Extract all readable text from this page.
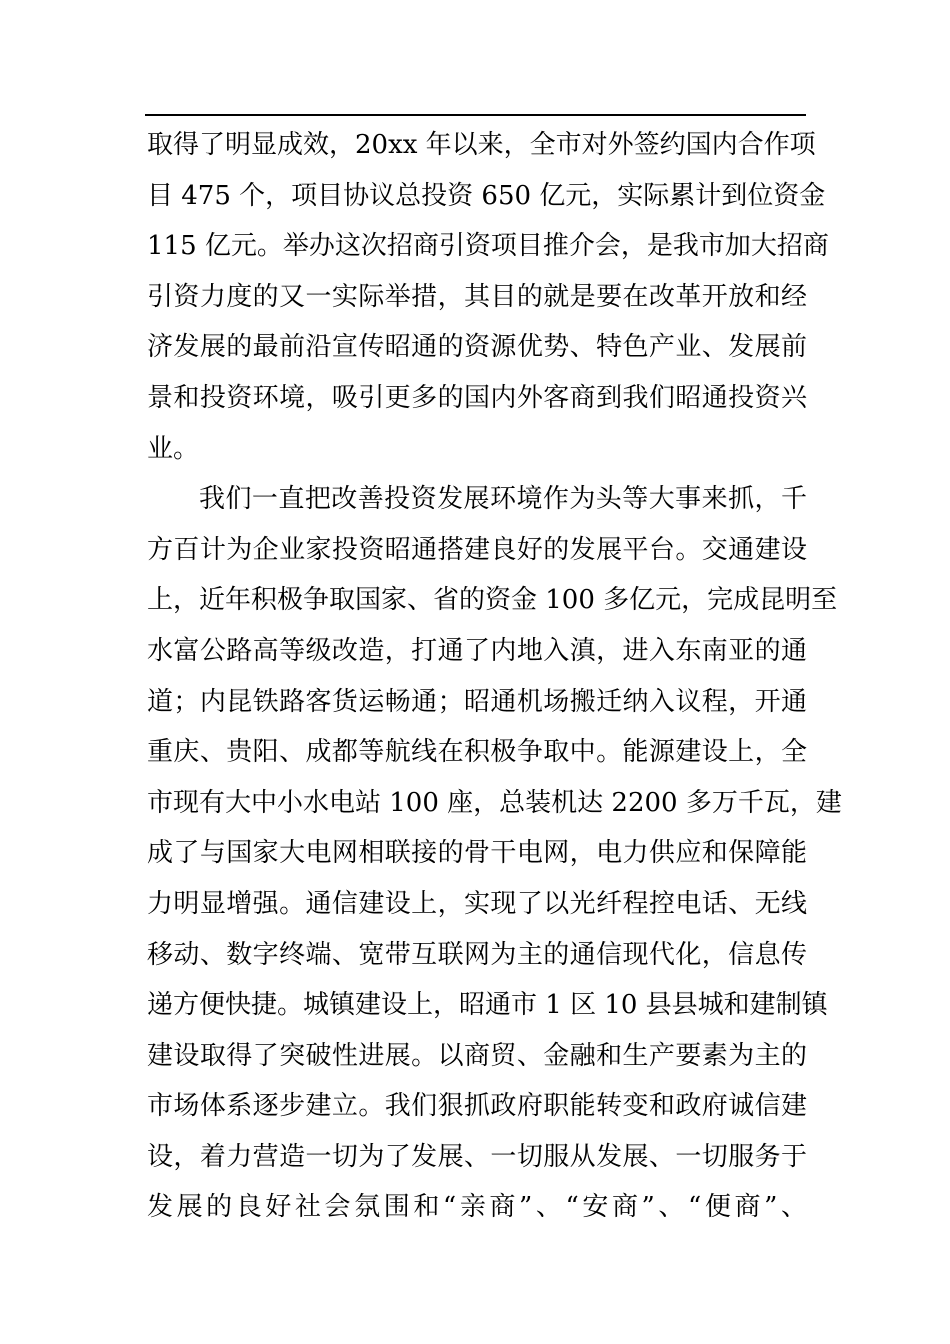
取得了明显成效，20xx 年以来，全市对外签约国内合作项
目 475 个，项目协议总投资 650 亿元，实际累计到位资金
115 亿元。举办这次招商引资项目推介会，是我市加大招商
引资力度的又一实际举措，其目的就是要在改革开放和经
济发展的最前沿宣传昭通的资源优势、特色产业、发展前
景和投资环境，吸引更多的国内外客商到我们昭通投资兴
业。
我们一直把改善投资发展环境作为头等大事来抓，千
方百计为企业家投资昭通搭建良好的发展平台。交通建设
上，近年积极争取国家、省的资金 100 多亿元，完成昆明至
水富公路高等级改造，打通了内地入滇，进入东南亚的通
道；内昆铁路客货运畅通；昭通机场搬迁纳入议程，开通
重庆、贵阳、成都等航线在积极争取中。能源建设上，全
市现有大中小水电站 100 座，总装机达 2200 多万千瓦，建
成了与国家大电网相联接的骨干电网，电力供应和保障能
力明显增强。通信建设上，实现了以光纤程控电话、无线
移动、数字终端、宽带互联网为主的通信现代化，信息传
递方便快捷。城镇建设上，昭通市 1 区 10 县县城和建制镇
建设取得了突破性进展。以商贸、金融和生产要素为主的
市场体系逐步建立。我们狠抓政府职能转变和政府诚信建
设，着力营造一切为了发展、一切服从发展、一切服务于
发展的良好社会氛围和“亲商”、“安商”、“便商”、
